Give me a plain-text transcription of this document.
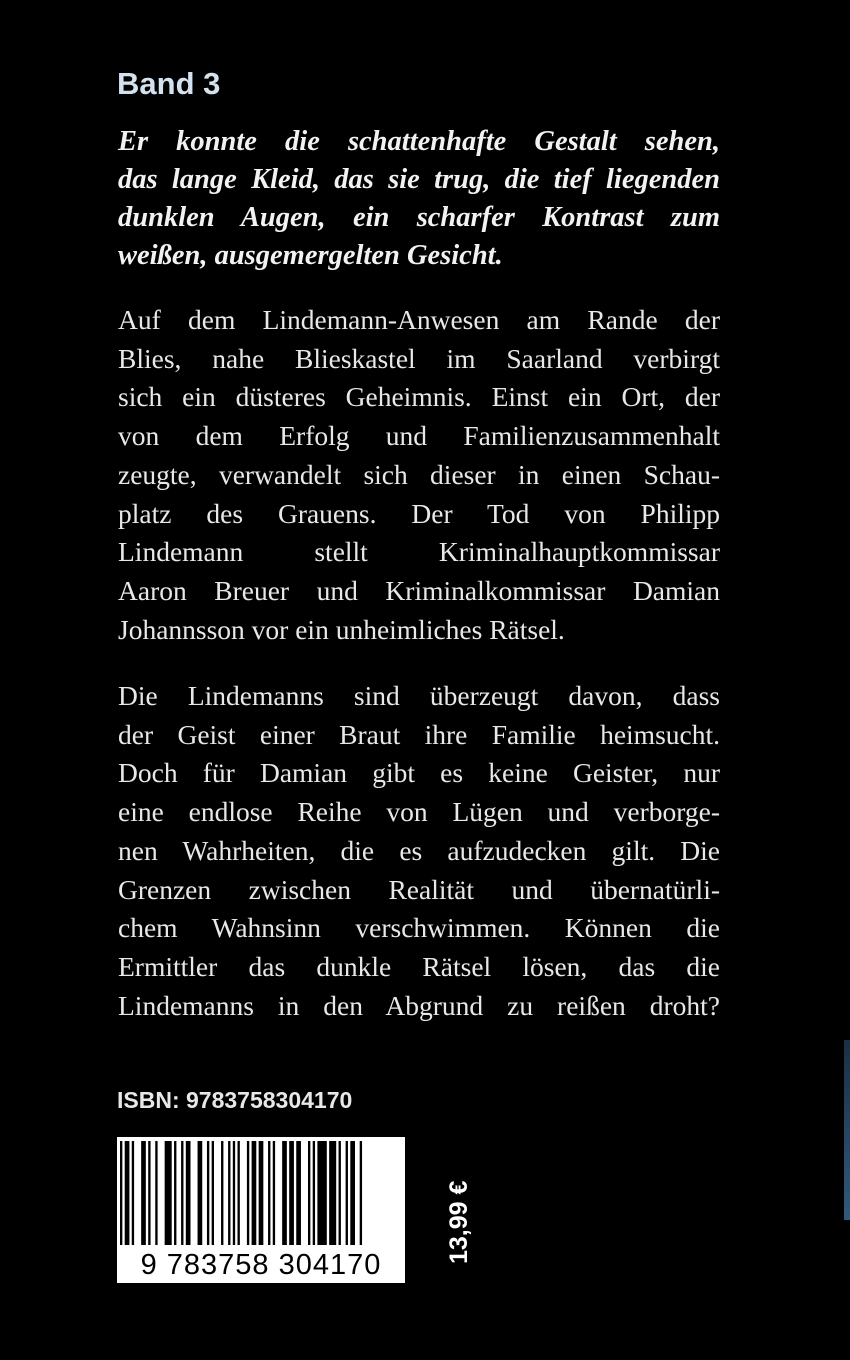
Band 3
Er konnte die schattenhafte Gestalt sehen,
das lange Kleid, das sie trug, die tief liegenden
dunklen Augen, ein scharfer Kontrast zum
weißen, ausgemergelten Gesicht.
Auf dem Lindemann-Anwesen am Rande der
Blies, nahe Blieskastel im Saarland verbirgt
sich ein düsteres Geheimnis. Einst ein Ort, der
von dem Erfolg und Familienzusammenhalt
zeugte, verwandelt sich dieser in einen Schau-
platz des Grauens. Der Tod von Philipp
Lindemann stellt Kriminalhauptkommissar
Aaron Breuer und Kriminalkommissar Damian
Johannsson vor ein unheimliches Rätsel.
Die Lindemanns sind überzeugt davon, dass
der Geist einer Braut ihre Familie heimsucht.
Doch für Damian gibt es keine Geister, nur
eine endlose Reihe von Lügen und verborge-
nen Wahrheiten, die es aufzudecken gilt. Die
Grenzen zwischen Realität und übernatürli-
chem Wahnsinn verschwimmen. Können die
Ermittler das dunkle Rätsel lösen, das die
Lindemanns in den Abgrund zu reißen droht?
ISBN: 9783758304170
9 783758 304170
13,99 €
